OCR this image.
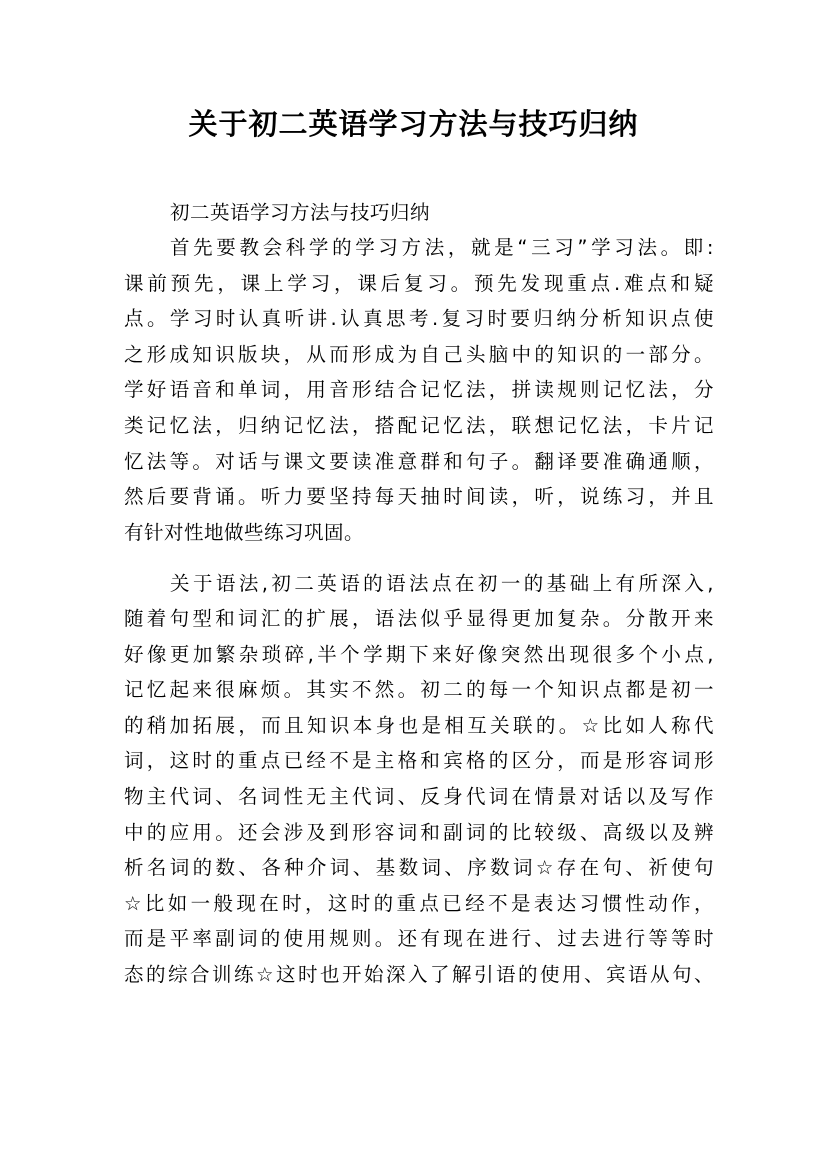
关于初二英语学习方法与技巧归纳
初二英语学习方法与技巧归纳
首先要教会科学的学习方法，就是“三习”学习法。即:
课前预先，课上学习，课后复习。预先发现重点.难点和疑
点。学习时认真听讲.认真思考.复习时要归纳分析知识点使
之形成知识版块，从而形成为自己头脑中的知识的一部分。
学好语音和单词，用音形结合记忆法，拼读规则记忆法，分
类记忆法，归纳记忆法，搭配记忆法，联想记忆法，卡片记
忆法等。对话与课文要读准意群和句子。翻译要准确通顺，
然后要背诵。听力要坚持每天抽时间读，听，说练习，并且
有针对性地做些练习巩固。
关于语法,初二英语的语法点在初一的基础上有所深入,
随着句型和词汇的扩展，语法似乎显得更加复杂。分散开来
好像更加繁杂琐碎,半个学期下来好像突然出现很多个小点,
记忆起来很麻烦。其实不然。初二的每一个知识点都是初一
的稍加拓展，而且知识本身也是相互关联的。☆比如人称代
词，这时的重点已经不是主格和宾格的区分，而是形容词形
物主代词、名词性无主代词、反身代词在情景对话以及写作
中的应用。还会涉及到形容词和副词的比较级、高级以及辨
析名词的数、各种介词、基数词、序数词☆存在句、祈使句
☆比如一般现在时，这时的重点已经不是表达习惯性动作，
而是平率副词的使用规则。还有现在进行、过去进行等等时
态的综合训练☆这时也开始深入了解引语的使用、宾语从句、
